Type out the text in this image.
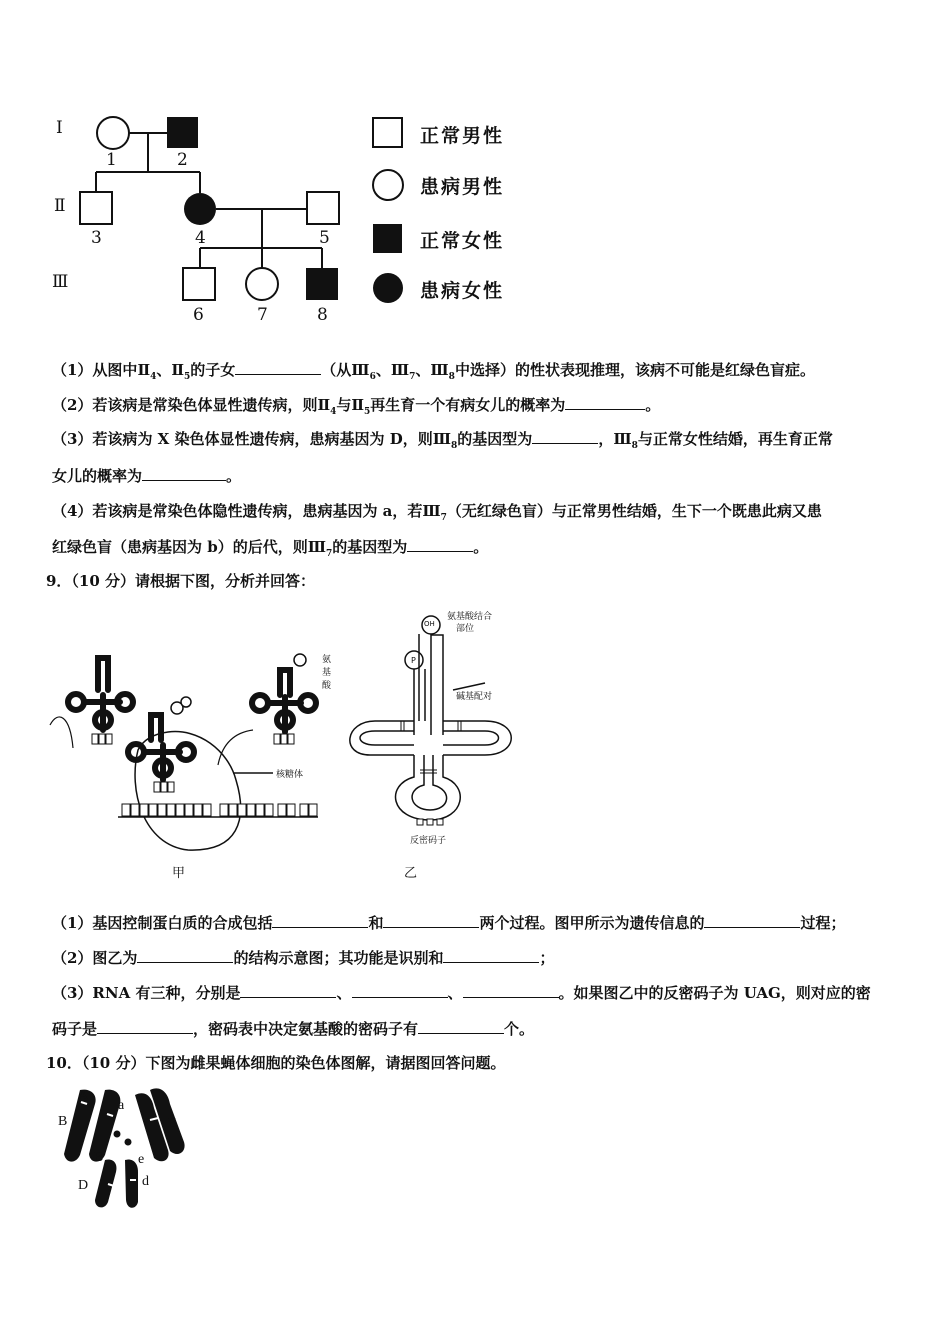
Ⅰ
Ⅱ
Ⅲ
1	2
3	4	5
6	7	8
正常男性
患病男性
正常女性
患病女性
（1）从图中$Ⅱ_4$、$Ⅱ_5$的子女	（从$Ⅲ_6$、$Ⅲ_7$、$Ⅲ_8$中选择）的性状表现推理，该病不可能是红绿色盲症。
（2）若该病是常染色体显性遗传病，则$Ⅱ_4$与$Ⅱ_5$再生育一个有病女儿的概率为	。
（3）若该病为 X 染色体显性遗传病，患病基因为 D，则$Ⅲ_8$的基因型为	，$Ⅲ_8$与正常女性结婚，再生育正常
女儿的概率为	。
（4）若该病是常染色体隐性遗传病，患病基因为 a，若$Ⅲ_7$（无红绿色盲）与正常男性结婚，生下一个既患此病又患
红绿色盲（患病基因为 b）的后代，则$Ⅲ_7$的基因型为	。
9．（10 分）请根据下图，分析并回答：
核糖体
氨基酸
甲
OH
P
氨基酸结合
部位
碱基配对
反密码子
乙
（1）基因控制蛋白质的合成包括	和	两个过程。图甲所示为遗传信息的	过程；
（2）图乙为	的结构示意图；其功能是识别和	；
（3）RNA 有三种，分别是	、	、	。如果图乙中的反密码子为 UAG，则对应的密
码子是	，密码表中决定氨基酸的密码子有	个。
10．（10 分）下图为雌果蝇体细胞的染色体图解，请据图回答问题。
A
a
B	E
B e
D	d
